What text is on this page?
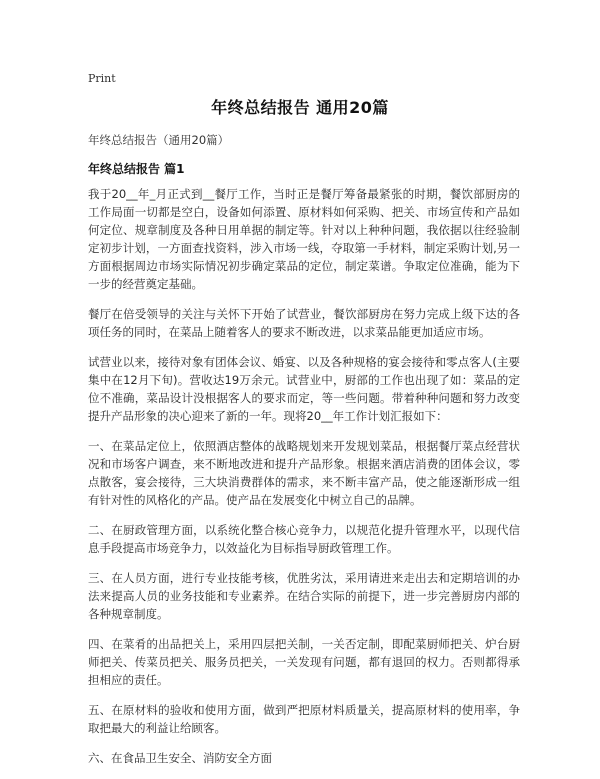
Print
年终总结报告 通用20篇
年终总结报告（通用20篇）
年终总结报告 篇1

我于20__年_月正式到__餐厅工作，当时正是餐厅筹备最紧张的时期，餐饮部厨房的工作局面一切都是空白，设备如何添置、原材料如何采购、把关、市场宣传和产品如何定位、规章制度及各种日用单据的制定等。针对以上种种问题，我依据以往经验制定初步计划，一方面查找资料，涉入市场一线，夺取第一手材料，制定采购计划,另一方面根据周边市场实际情况初步确定菜品的定位，制定菜谱。争取定位准确，能为下一步的经营奠定基础。

餐厅在倍受领导的关注与关怀下开始了试营业，餐饮部厨房在努力完成上级下达的各项任务的同时，在菜品上随着客人的要求不断改进，以求菜品能更加适应市场。

试营业以来，接待对象有团体会议、婚宴、以及各种规格的宴会接待和零点客人(主要集中在12月下旬)。营收达19万余元。试营业中，厨部的工作也出现了如：菜品的定位不准确，菜品设计没根据客人的要求而定，等一些问题。带着种种问题和努力改变提升产品形象的决心迎来了新的一年。现将20__年工作计划汇报如下：

一、在菜品定位上，依照酒店整体的战略规划来开发规划菜品，根据餐厅菜点经营状况和市场客户调查，来不断地改进和提升产品形象。根据来酒店消费的团体会议，零点散客，宴会接待，三大块消费群体的需求，来不断丰富产品，使之能逐渐形成一组有针对性的风格化的产品。使产品在发展变化中树立自己的品牌。

二、在厨政管理方面，以系统化整合核心竞争力，以规范化提升管理水平，以现代信息手段提高市场竞争力，以效益化为目标指导厨政管理工作。

三、在人员方面，进行专业技能考核，优胜劣汰，采用请进来走出去和定期培训的办法来提高人员的业务技能和专业素养。在结合实际的前提下，进一步完善厨房内部的各种规章制度。

四、在菜肴的出品把关上，采用四层把关制，一关否定制，即配菜厨师把关、炉台厨师把关、传菜员把关、服务员把关，一关发现有问题，都有退回的权力。否则都得承担相应的责任。

五、在原材料的验收和使用方面，做到严把原材料质量关，提高原材料的使用率，争取把最大的利益让给顾客。

六、在食品卫生安全、消防安全方面
